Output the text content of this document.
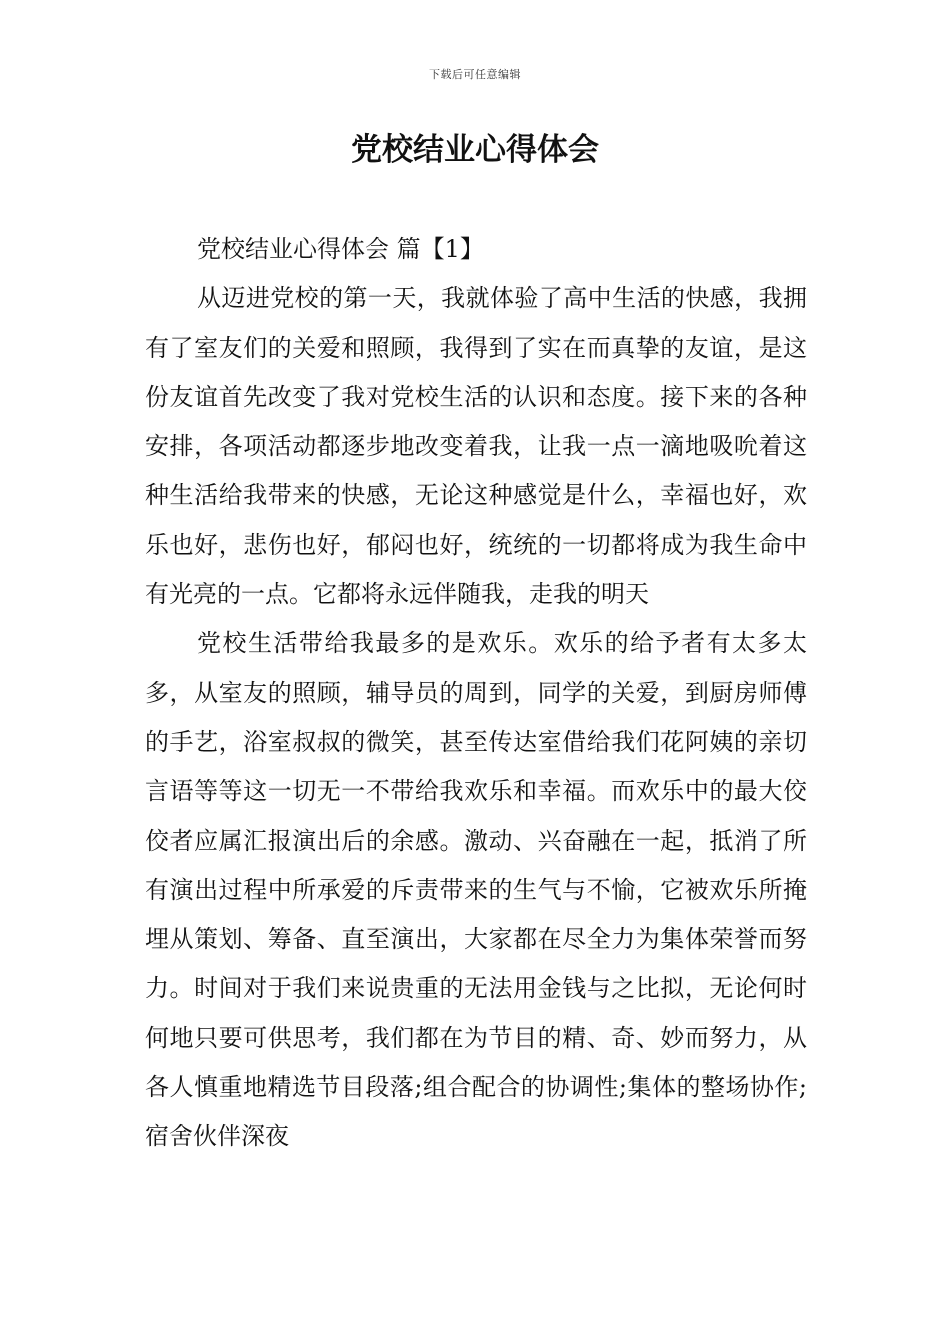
下载后可任意编辑
党校结业心得体会

党校结业心得体会 篇【1】

从迈进党校的第一天，我就体验了高中生活的快感，我拥有了室友们的关爱和照顾，我得到了实在而真挚的友谊，是这份友谊首先改变了我对党校生活的认识和态度。接下来的各种安排，各项活动都逐步地改变着我，让我一点一滴地吸吮着这种生活给我带来的快感，无论这种感觉是什么，幸福也好，欢乐也好，悲伤也好，郁闷也好，统统的一切都将成为我生命中有光亮的一点。它都将永远伴随我，走我的明天

党校生活带给我最多的是欢乐。欢乐的给予者有太多太多，从室友的照顾，辅导员的周到，同学的关爱，到厨房师傅的手艺，浴室叔叔的微笑，甚至传达室借给我们花阿姨的亲切言语等等这一切无一不带给我欢乐和幸福。而欢乐中的最大佼佼者应属汇报演出后的余感。激动、兴奋融在一起，抵消了所有演出过程中所承爱的斥责带来的生气与不愉，它被欢乐所掩埋从策划、筹备、直至演出，大家都在尽全力为集体荣誉而努力。时间对于我们来说贵重的无法用金钱与之比拟，无论何时何地只要可供思考，我们都在为节目的精、奇、妙而努力，从各人慎重地精选节目段落;组合配合的协调性;集体的整场协作;宿舍伙伴深夜
